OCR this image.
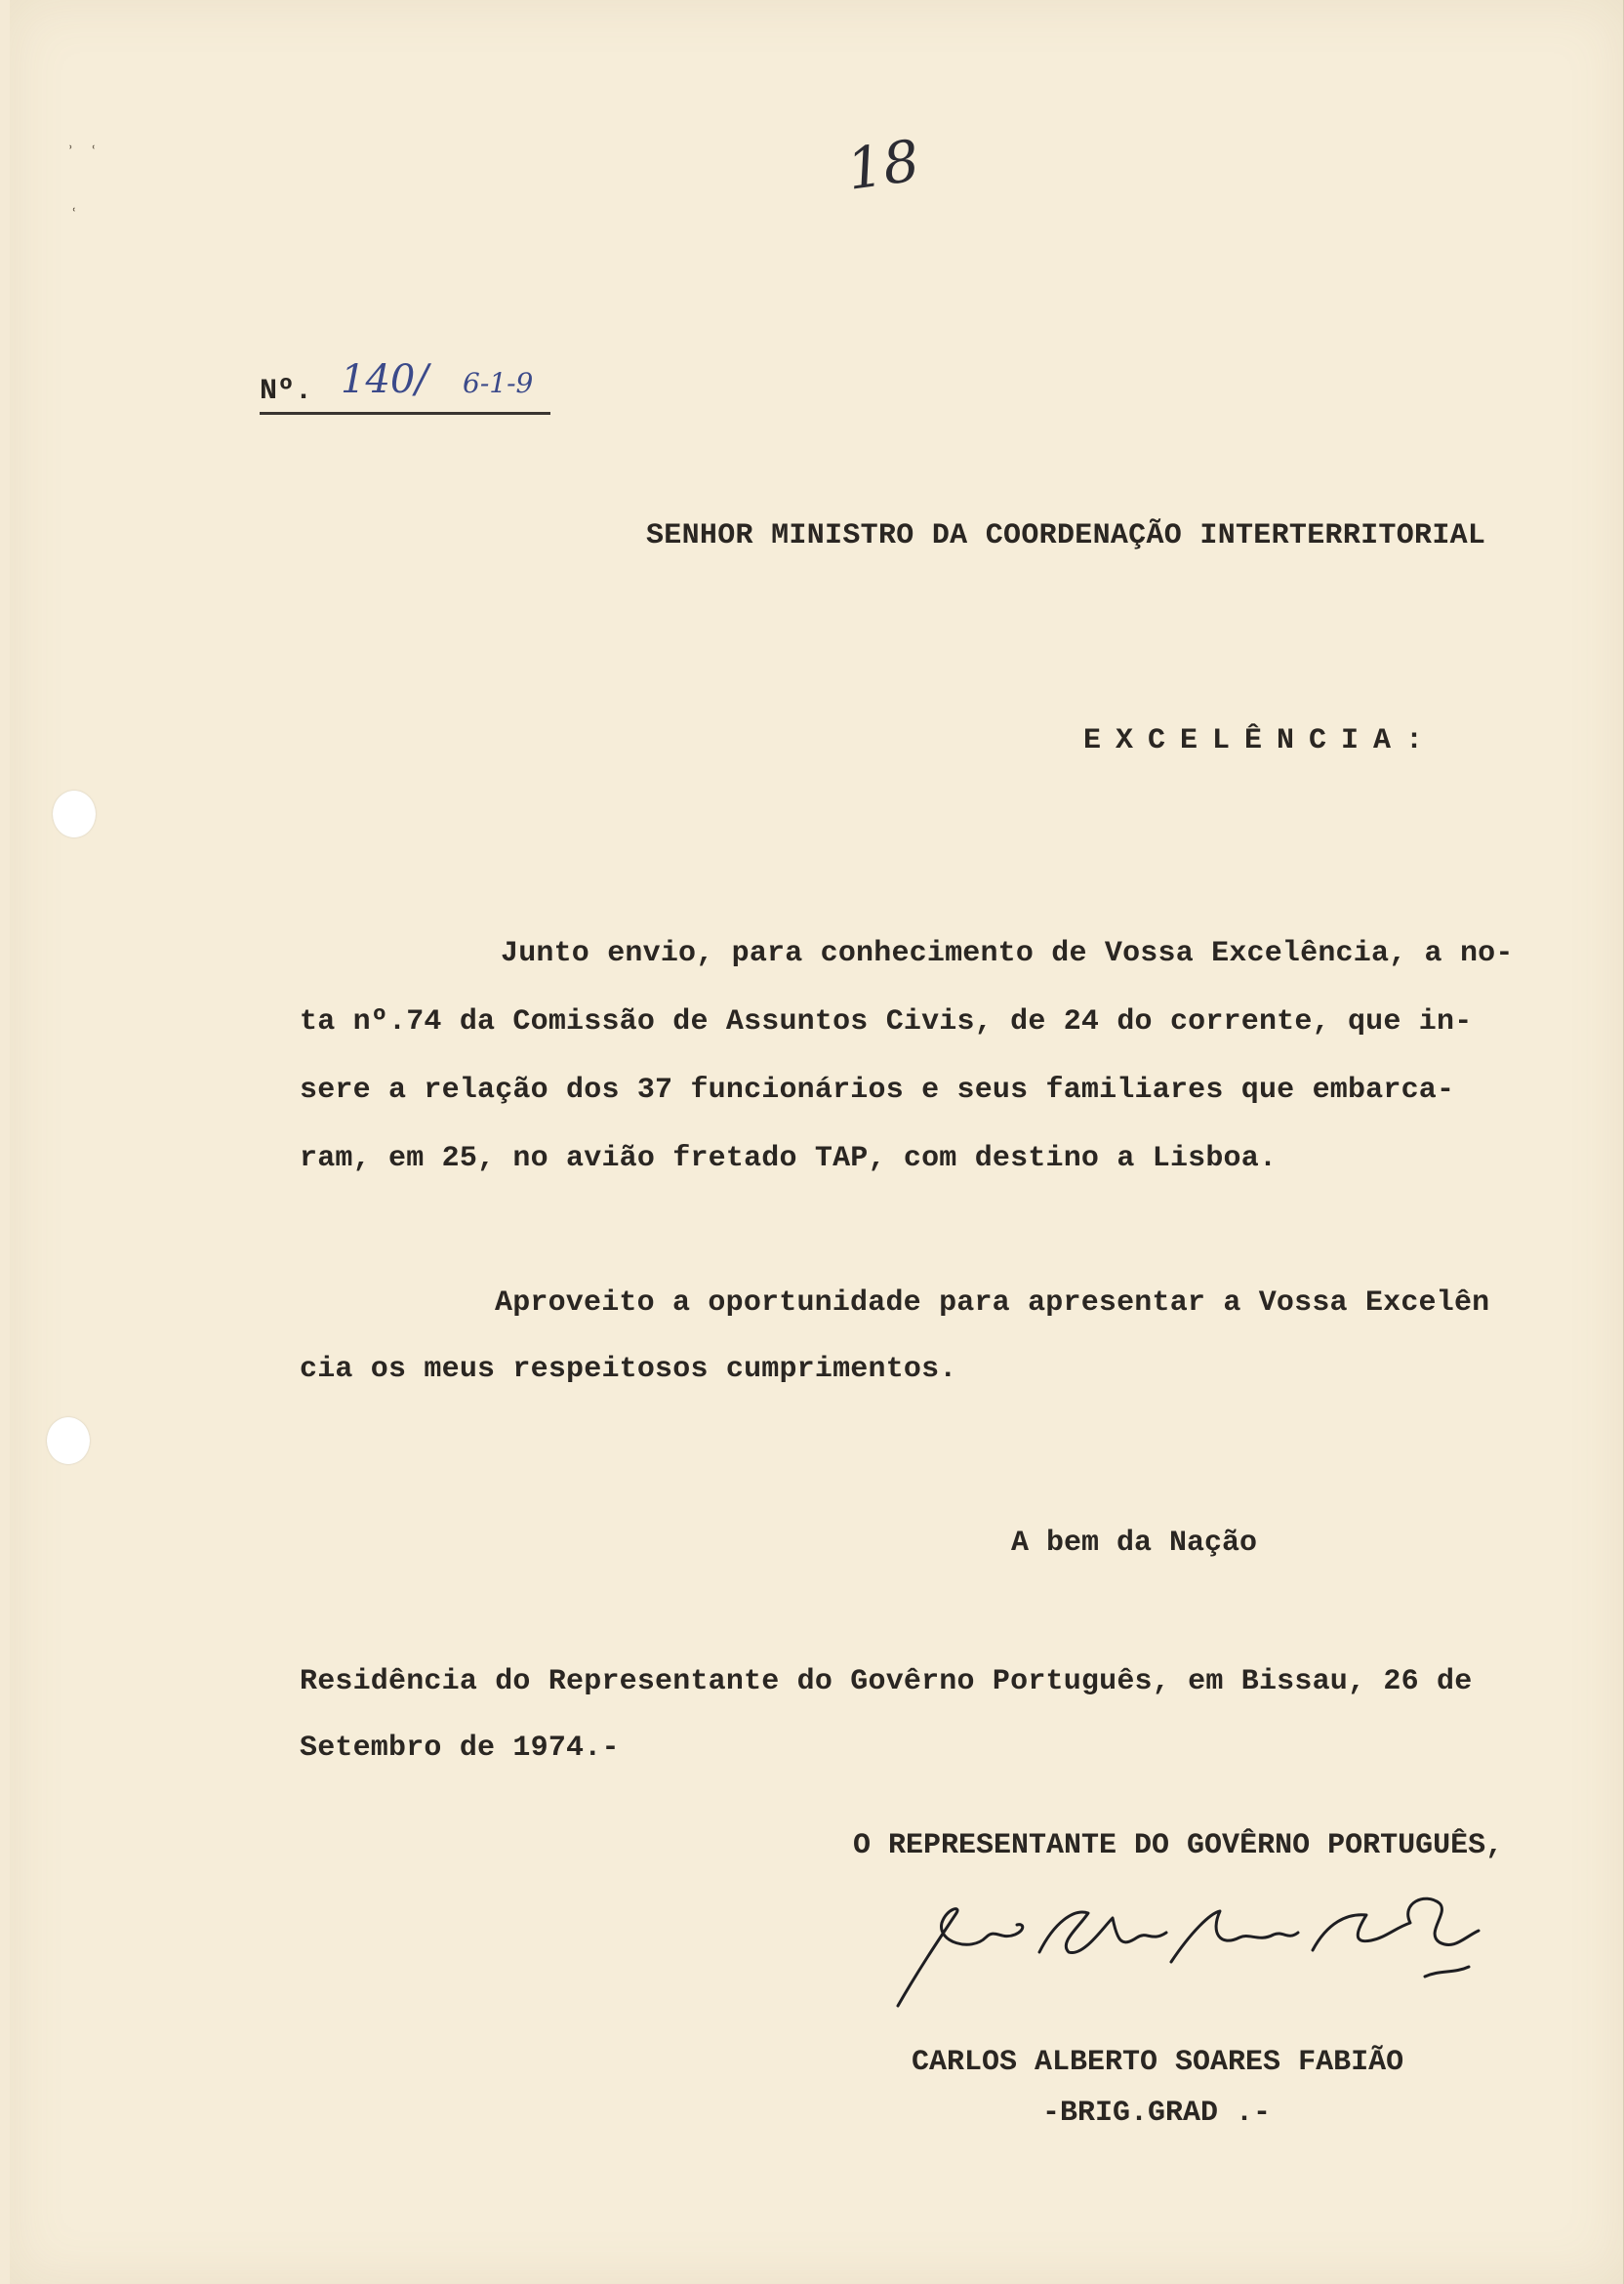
ʾ ʿ
ʿ
18
Nº. 140/ 6-1-9
SENHOR MINISTRO DA COORDENAÇÃO INTERTERRITORIAL
EXCELÊNCIA:
Junto envio, para conhecimento de Vossa Excelência, a no-
ta nº.74 da Comissão de Assuntos Civis, de 24 do corrente, que in-
sere a relação dos 37 funcionários e seus familiares que embarca-
ram, em 25, no avião fretado TAP, com destino a Lisboa.
Aproveito a oportunidade para apresentar a Vossa Excelên
cia os meus respeitosos cumprimentos.
A bem da Nação
Residência do Representante do Govêrno Português, em Bissau, 26 de
Setembro de 1974.-
O REPRESENTANTE DO GOVÊRNO PORTUGUÊS,
CARLOS ALBERTO SOARES FABIÃO
-BRIG.GRAD .-
